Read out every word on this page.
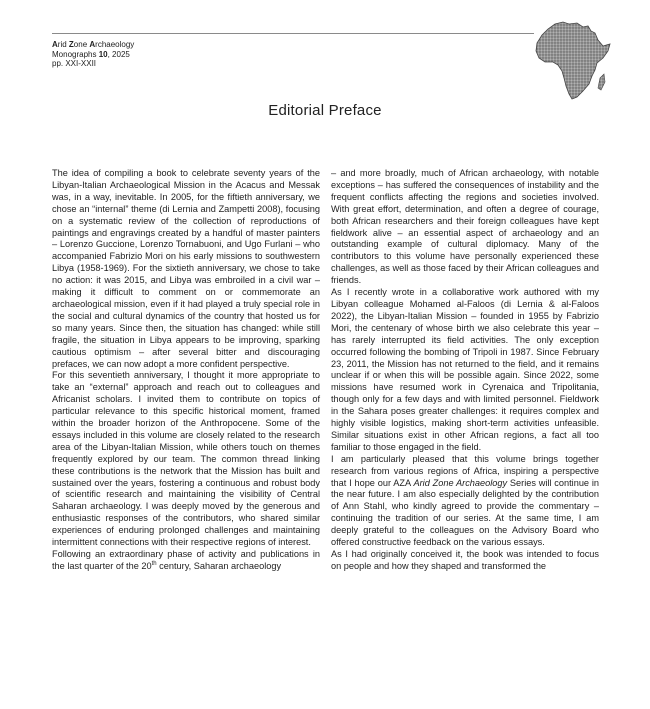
Arid Zone Archaeology
Monographs 10, 2025
pp. XXI-XXII
Editorial Preface

The idea of compiling a book to celebrate seventy years of the Libyan-Italian Archaeological Mission in the Acacus and Messak was, in a way, inevitable. In 2005, for the fiftieth anniversary, we chose an “internal” theme (di Lernia and Zampetti 2008), focusing on a systematic review of the collection of reproductions of paintings and engravings created by a handful of master painters – Lorenzo Guccione, Lorenzo Tornabuoni, and Ugo Furlani – who accompanied Fabrizio Mori on his early missions to southwestern Libya (1958-1969). For the sixtieth anniversary, we chose to take no action: it was 2015, and Libya was embroiled in a civil war – making it difficult to comment on or commemorate an archaeological mission, even if it had played a truly special role in the social and cultural dynamics of the country that hosted us for so many years. Since then, the situation has changed: while still fragile, the situation in Libya appears to be improving, sparking cautious optimism – after several bitter and discouraging prefaces, we can now adopt a more confident perspective.

For this seventieth anniversary, I thought it more appropriate to take an “external” approach and reach out to colleagues and Africanist scholars. I invited them to contribute on topics of particular relevance to this specific historical moment, framed within the broader horizon of the Anthropocene. Some of the essays included in this volume are closely related to the research area of the Libyan-Italian Mission, while others touch on themes frequently explored by our team. The common thread linking these contributions is the network that the Mission has built and sustained over the years, fostering a continuous and robust body of scientific research and maintaining the visibility of Central Saharan archaeology. I was deeply moved by the generous and enthusiastic responses of the contributors, who shared similar experiences of enduring prolonged challenges and maintaining intermittent connections with their respective regions of interest.

Following an extraordinary phase of activity and publications in the last quarter of the 20th century, Saharan archaeology

– and more broadly, much of African archaeology, with notable exceptions – has suffered the consequences of instability and the frequent conflicts affecting the regions and societies involved. With great effort, determination, and often a degree of courage, both African researchers and their foreign colleagues have kept fieldwork alive – an essential aspect of archaeology and an outstanding example of cultural diplomacy. Many of the contributors to this volume have personally experienced these challenges, as well as those faced by their African colleagues and friends.

As I recently wrote in a collaborative work authored with my Libyan colleague Mohamed al-Faloos (di Lernia & al-Faloos 2022), the Libyan-Italian Mission – founded in 1955 by Fabrizio Mori, the centenary of whose birth we also celebrate this year – has rarely interrupted its field activities. The only exception occurred following the bombing of Tripoli in 1987. Since February 23, 2011, the Mission has not returned to the field, and it remains unclear if or when this will be possible again. Since 2022, some missions have resumed work in Cyrenaica and Tripolitania, though only for a few days and with limited personnel. Fieldwork in the Sahara poses greater challenges: it requires complex and highly visible logistics, making short-term activities unfeasible. Similar situations exist in other African regions, a fact all too familiar to those engaged in the field.

I am particularly pleased that this volume brings together research from various regions of Africa, inspiring a perspective that I hope our AZA Arid Zone Archaeology Series will continue in the near future. I am also especially delighted by the contribution of Ann Stahl, who kindly agreed to provide the commentary – continuing the tradition of our series. At the same time, I am deeply grateful to the colleagues on the Advisory Board who offered constructive feedback on the various essays.

As I had originally conceived it, the book was intended to focus on people and how they shaped and transformed the
